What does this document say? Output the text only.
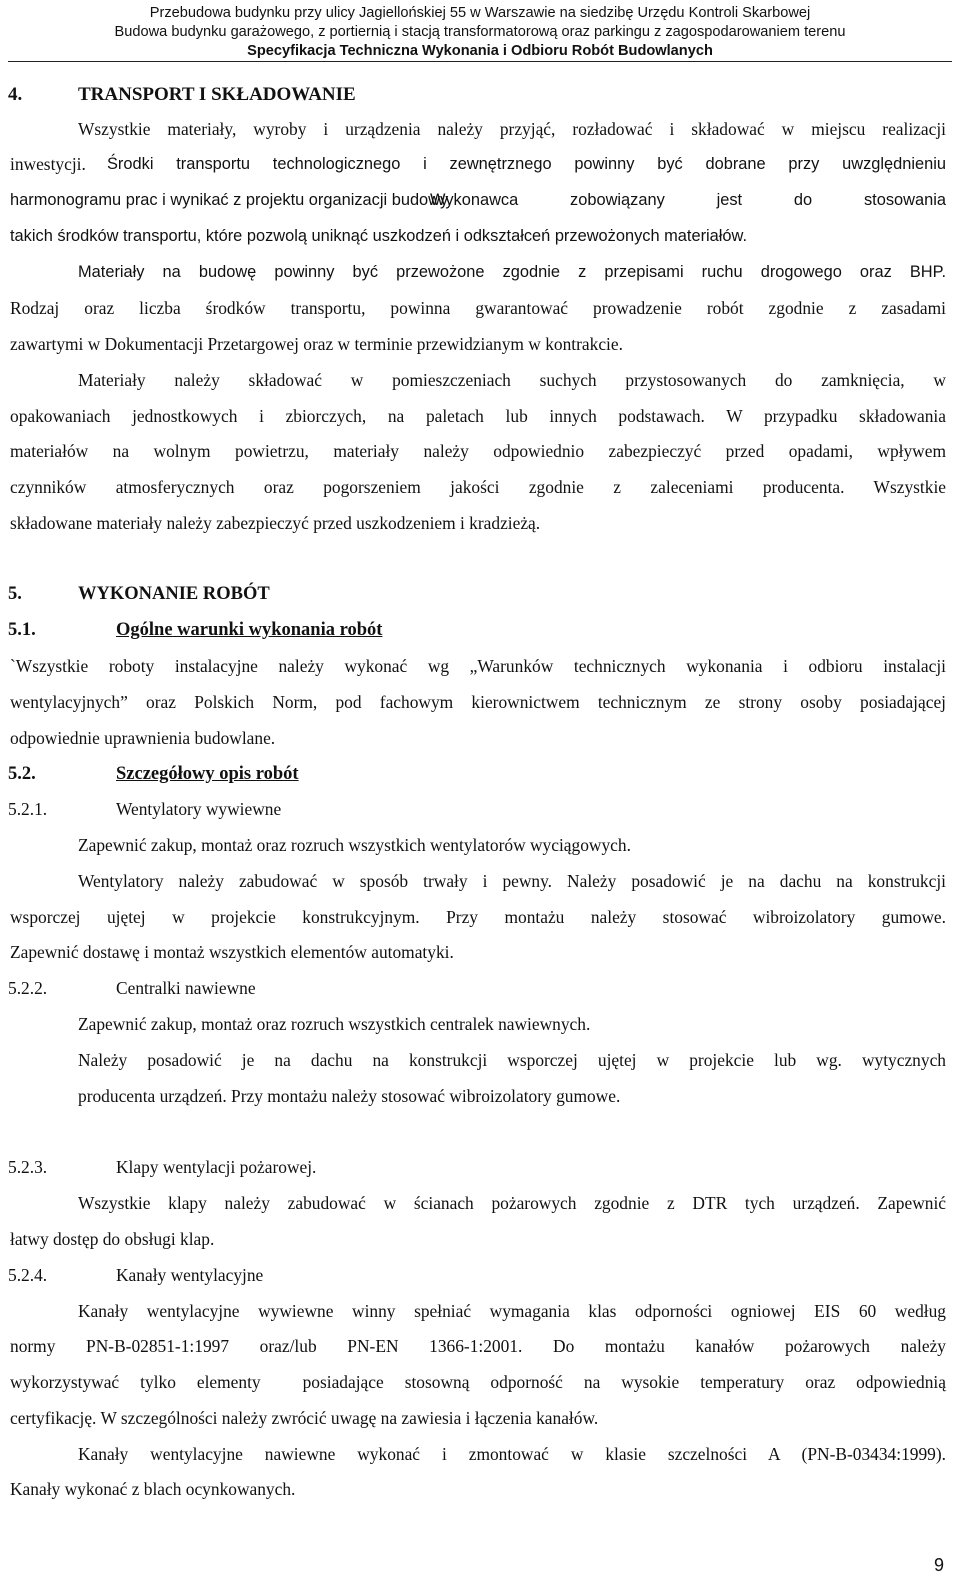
Przebudowa budynku przy ulicy Jagiellońskiej 55 w Warszawie na siedzibę Urzędu Kontroli Skarbowej
Budowa budynku garażowego, z portiernią i stacją transformatorową oraz parkingu z zagospodarowaniem terenu
Specyfikacja Techniczna Wykonania i Odbioru Robót Budowlanych
4.	TRANSPORT I SKŁADOWANIE
Wszystkie materiały, wyroby i urządzenia należy przyjąć, rozładować i składować w miejscu realizacji
inwestycji. Środki transportu technologicznego i zewnętrznego powinny być dobrane przy uwzględnieniu
harmonogramu prac i wynikać z projektu organizacji budowy.
Wykonawca zobowiązany jest do stosowania
takich środków transportu, które pozwolą uniknąć uszkodzeń i odkształceń przewożonych materiałów.
Materiały na budowę powinny być przewożone zgodnie z przepisami ruchu drogowego oraz BHP.
Rodzaj oraz liczba środków transportu, powinna gwarantować prowadzenie robót zgodnie z zasadami
zawartymi w Dokumentacji Przetargowej oraz w terminie przewidzianym w kontrakcie.
Materiały należy składować w pomieszczeniach suchych przystosowanych do zamknięcia, w
opakowaniach jednostkowych i zbiorczych, na paletach lub innych podstawach. W przypadku składowania
materiałów na wolnym powietrzu, materiały należy odpowiednio zabezpieczyć przed opadami, wpływem
czynników atmosferycznych oraz pogorszeniem jakości zgodnie z zaleceniami producenta. Wszystkie
składowane materiały należy zabezpieczyć przed uszkodzeniem i kradzieżą.
5.	WYKONANIE ROBÓT
5.1.	Ogólne warunki wykonania robót
`Wszystkie roboty instalacyjne należy wykonać wg „Warunków technicznych wykonania i odbioru instalacji
wentylacyjnych” oraz Polskich Norm, pod fachowym kierownictwem technicznym ze strony osoby posiadającej
odpowiednie uprawnienia budowlane.
5.2.	Szczegółowy opis robót
5.2.1.	Wentylatory wywiewne
Zapewnić zakup, montaż oraz rozruch wszystkich wentylatorów wyciągowych.
Wentylatory należy zabudować w sposób trwały i pewny. Należy posadowić je na dachu na konstrukcji
wsporczej ujętej w projekcie konstrukcyjnym. Przy montażu należy stosować wibroizolatory gumowe.
Zapewnić dostawę i montaż wszystkich elementów automatyki.
5.2.2.	Centralki nawiewne
Zapewnić zakup, montaż oraz rozruch wszystkich centralek nawiewnych.
Należy posadowić je na dachu na konstrukcji wsporczej ujętej w projekcie lub wg. wytycznych
producenta urządzeń. Przy montażu należy stosować wibroizolatory gumowe.
5.2.3.	Klapy wentylacji pożarowej.
Wszystkie klapy należy zabudować w ścianach pożarowych zgodnie z DTR tych urządzeń. Zapewnić
łatwy dostęp do obsługi klap.
5.2.4.	Kanały wentylacyjne
Kanały wentylacyjne wywiewne winny spełniać wymagania klas odporności ogniowej EIS 60 według
normy PN-B-02851-1:1997 oraz/lub PN-EN 1366-1:2001. Do montażu kanałów pożarowych należy
wykorzystywać tylko elementy  posiadające stosowną odporność na wysokie temperatury oraz odpowiednią
certyfikację. W szczególności należy zwrócić uwagę na zawiesia i łączenia kanałów.
Kanały wentylacyjne nawiewne wykonać i zmontować w klasie szczelności A (PN-B-03434:1999).
Kanały wykonać z blach ocynkowanych.
9
